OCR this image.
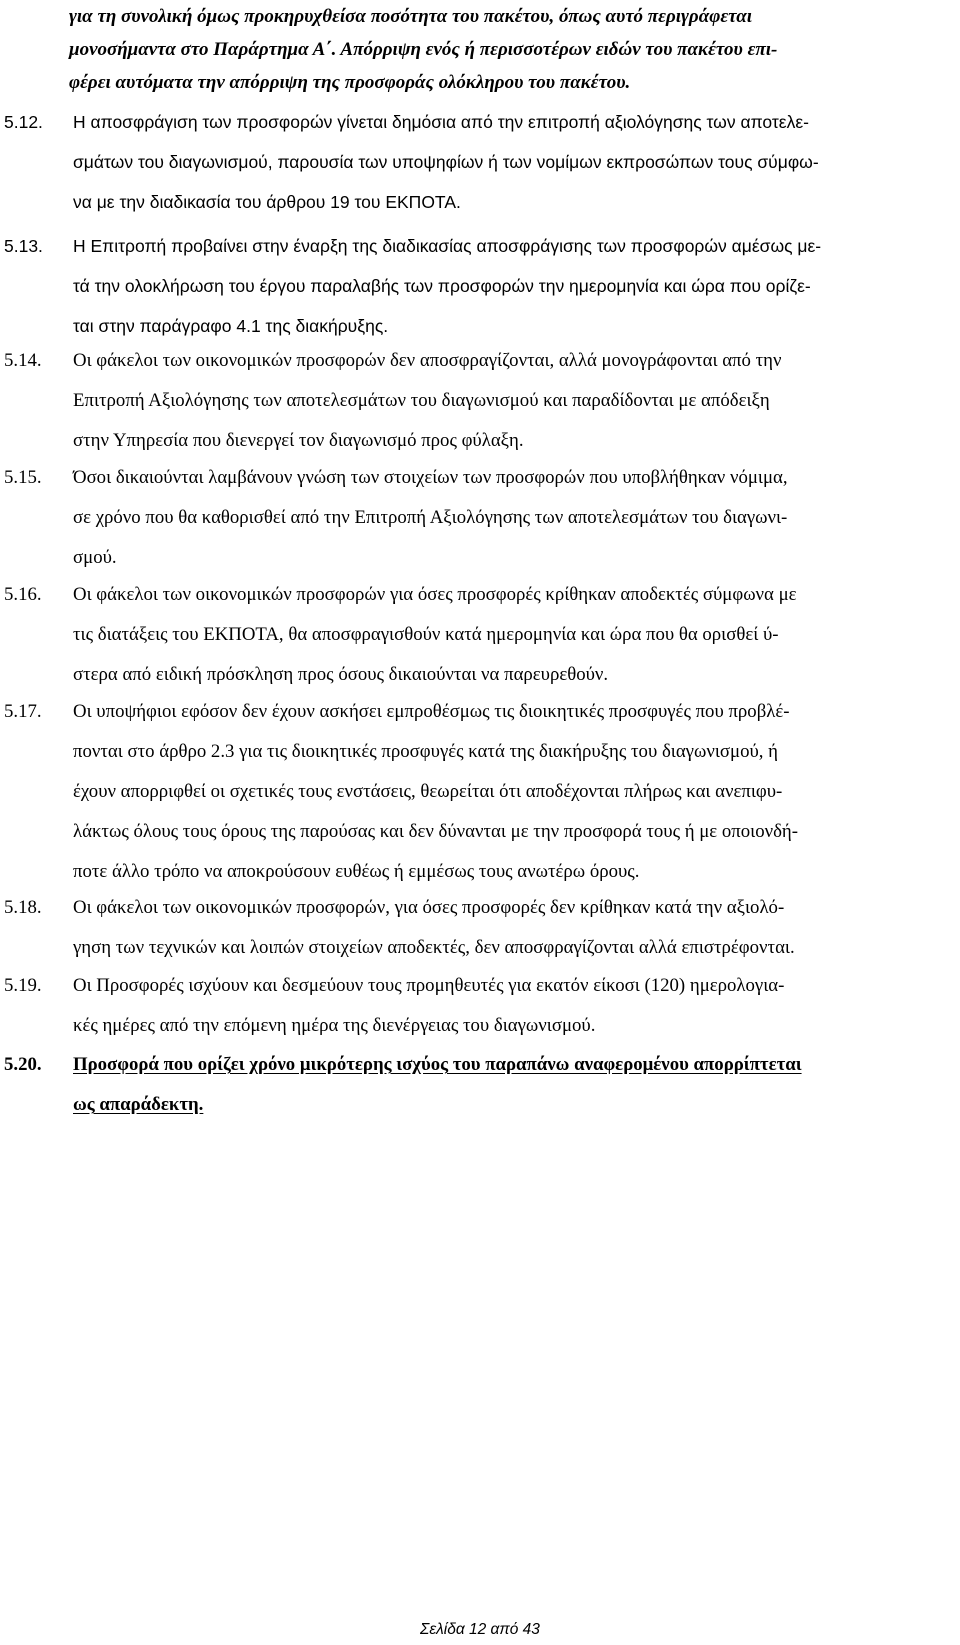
για τη συνολική όμως προκηρυχθείσα ποσότητα του πακέτου, όπως αυτό περιγράφεται
μονοσήμαντα στο Παράρτημα Α΄. Απόρριψη ενός ή περισσοτέρων ειδών του πακέτου επι-
φέρει αυτόματα την απόρριψη της προσφοράς ολόκληρου του πακέτου.
5.12.	Η αποσφράγιση των προσφορών γίνεται δημόσια από την επιτροπή αξιολόγησης των αποτελε-
σμάτων του διαγωνισμού, παρουσία των υποψηφίων ή των νομίμων εκπροσώπων τους σύμφω-
να με την διαδικασία του άρθρου 19 του ΕΚΠΟΤΑ.
5.13.	Η Επιτροπή προβαίνει στην έναρξη της διαδικασίας αποσφράγισης των προσφορών αμέσως με-
τά την ολοκλήρωση του έργου παραλαβής των προσφορών την ημερομηνία και ώρα που ορίζε-
ται στην παράγραφο 4.1 της διακήρυξης.
5.14.	Οι φάκελοι των οικονομικών προσφορών δεν αποσφραγίζονται, αλλά μονογράφονται από την
Επιτροπή Αξιολόγησης των αποτελεσμάτων του διαγωνισμού και παραδίδονται με απόδειξη
στην Υπηρεσία που διενεργεί τον διαγωνισμό προς φύλαξη.
5.15.	Όσοι δικαιούνται λαμβάνουν γνώση των στοιχείων των προσφορών που υποβλήθηκαν νόμιμα,
σε χρόνο που θα καθορισθεί από την Επιτροπή Αξιολόγησης των αποτελεσμάτων του διαγωνι-
σμού.
5.16.	Οι φάκελοι των οικονομικών προσφορών για όσες προσφορές κρίθηκαν αποδεκτές σύμφωνα με
τις διατάξεις του ΕΚΠΟΤΑ, θα αποσφραγισθούν κατά ημερομηνία και ώρα που θα ορισθεί ύ-
στερα από ειδική πρόσκληση προς όσους δικαιούνται να παρευρεθούν.
5.17.	Οι υποψήφιοι εφόσον δεν έχουν ασκήσει εμπροθέσμως τις διοικητικές προσφυγές που προβλέ-
πονται στο άρθρο 2.3 για τις διοικητικές προσφυγές κατά της διακήρυξης του διαγωνισμού, ή
έχουν απορριφθεί οι σχετικές τους ενστάσεις, θεωρείται ότι αποδέχονται πλήρως και ανεπιφυ-
λάκτως όλους τους όρους της παρούσας και δεν δύνανται με την προσφορά τους ή με οποιονδή-
ποτε άλλο τρόπο να αποκρούσουν ευθέως ή εμμέσως τους ανωτέρω όρους.
5.18.	Οι φάκελοι των οικονομικών προσφορών, για όσες προσφορές δεν κρίθηκαν κατά την αξιολό-
γηση των τεχνικών και λοιπών στοιχείων αποδεκτές, δεν αποσφραγίζονται αλλά επιστρέφονται.
5.19.	Οι Προσφορές ισχύουν και δεσμεύουν τους προμηθευτές για εκατόν είκοσι (120) ημερολογια-
κές ημέρες από την επόμενη ημέρα της διενέργειας του διαγωνισμού.
5.20.	Προσφορά που ορίζει χρόνο μικρότερης ισχύος του παραπάνω αναφερομένου απορρίπτεται
ως απαράδεκτη.
Σελίδα 12 από 43
